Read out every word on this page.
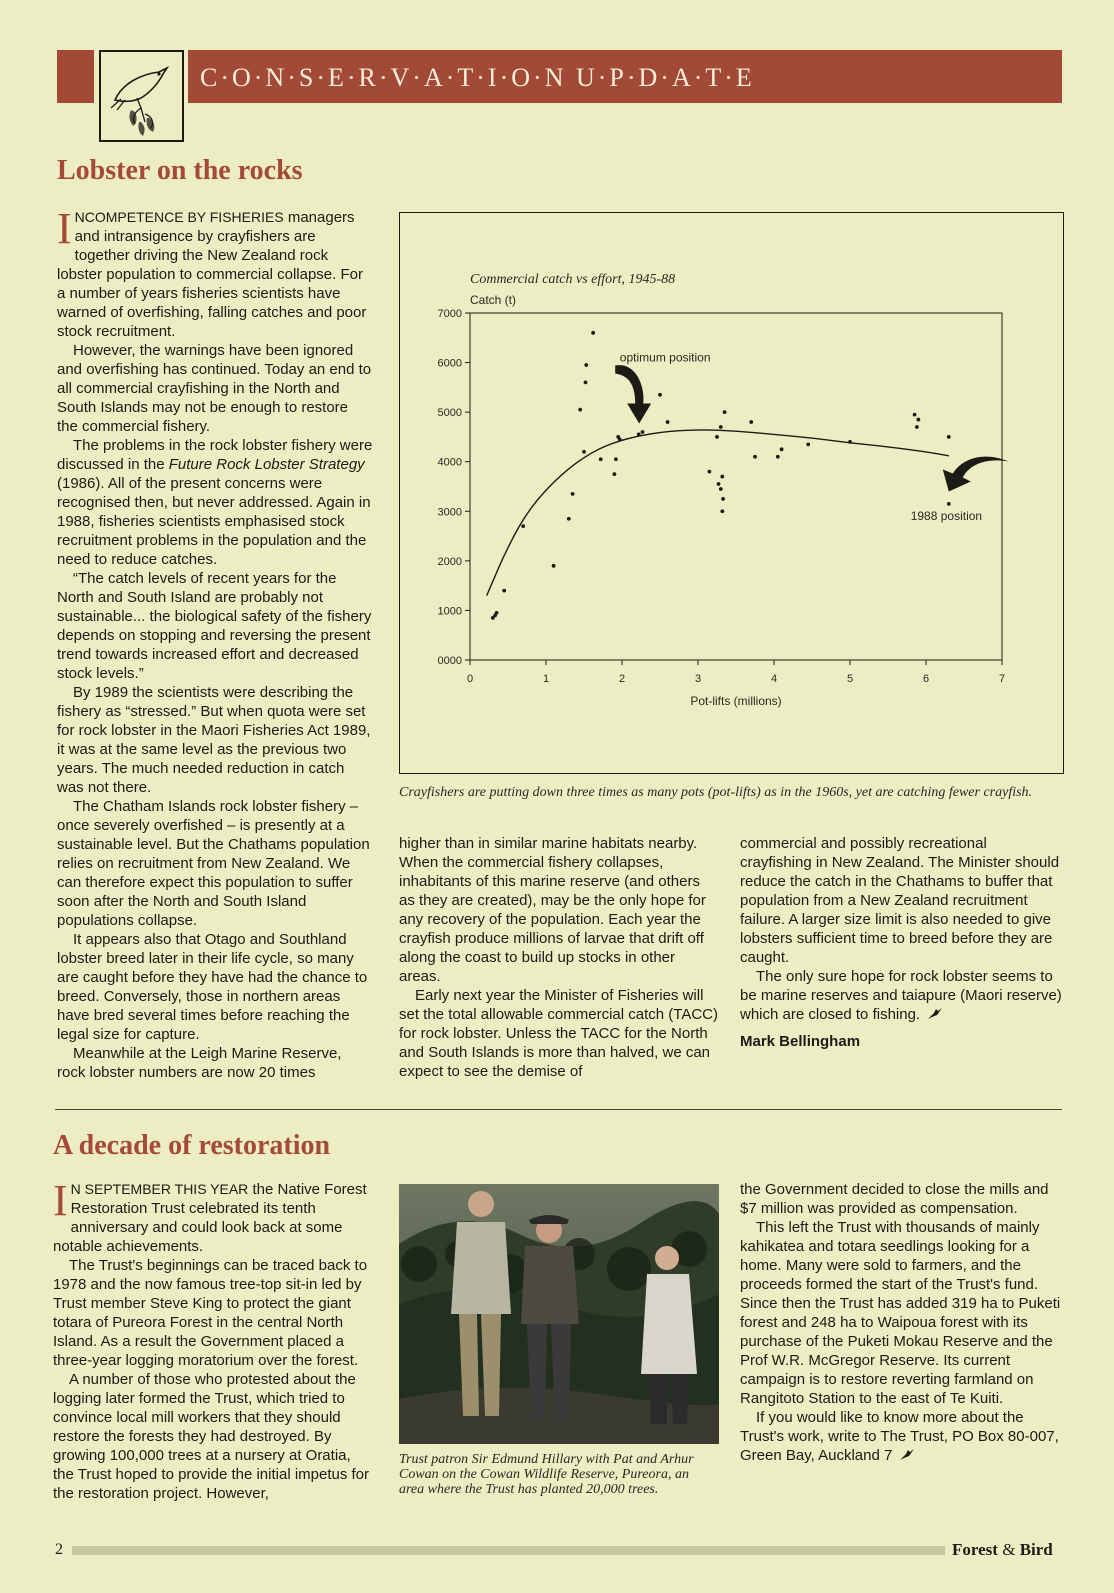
C·O·N·S·E·R·V·A·T·I·O·N U·P·D·A·T·E
Lobster on the rocks

INCOMPETENCE BY FISHERIES managers and intransigence by crayfishers are together driving the New Zealand rock lobster population to commercial collapse. For a number of years fisheries scientists have warned of overfishing, falling catches and poor stock recruitment.

However, the warnings have been ignored and overfishing has continued. Today an end to all commercial crayfishing in the North and South Islands may not be enough to restore the commercial fishery.

The problems in the rock lobster fishery were discussed in the Future Rock Lobster Strategy (1986). All of the present concerns were recognised then, but never addressed. Again in 1988, fisheries scientists emphasised stock recruitment problems in the population and the need to reduce catches.

“The catch levels of recent years for the North and South Island are probably not sustainable... the biological safety of the fishery depends on stopping and reversing the present trend towards increased effort and decreased stock levels.”

By 1989 the scientists were describing the fishery as “stressed.” But when quota were set for rock lobster in the Maori Fisheries Act 1989, it was at the same level as the previous two years. The much needed reduction in catch was not there.

The Chatham Islands rock lobster fishery – once severely overfished – is presently at a sustainable level. But the Chathams population relies on recruitment from New Zealand. We can therefore expect this population to suffer soon after the North and South Island populations collapse.

It appears also that Otago and Southland lobster breed later in their life cycle, so many are caught before they have had the chance to breed. Conversely, those in northern areas have bred several times before reaching the legal size for capture.

Meanwhile at the Leigh Marine Reserve, rock lobster numbers are now 20 times

Commercial catch vs effort, 1945-88
Catch (t)
0000
1000
2000
3000
4000
5000
6000
7000
0	1	2	3	4	5	6	7
Pot-lifts (millions)
optimum position
1988 position
Crayfishers are putting down three times as many pots (pot-lifts) as in the 1960s, yet are catching fewer crayfish.

higher than in similar marine habitats nearby. When the commercial fishery collapses, inhabitants of this marine reserve (and others as they are created), may be the only hope for any recovery of the population. Each year the crayfish produce millions of larvae that drift off along the coast to build up stocks in other areas.

Early next year the Minister of Fisheries will set the total allowable commercial catch (TACC) for rock lobster. Unless the TACC for the North and South Islands is more than halved, we can expect to see the demise of

commercial and possibly recreational crayfishing in New Zealand. The Minister should reduce the catch in the Chathams to buffer that population from a New Zealand recruitment failure. A larger size limit is also needed to give lobsters sufficient time to breed before they are caught.

The only sure hope for rock lobster seems to be marine reserves and taiapure (Maori reserve) which are closed to fishing.

Mark Bellingham
A decade of restoration

I N SEPTEMBER THIS YEAR the Native Forest Restoration Trust celebrated its tenth anniversary and could look back at some notable achievements.

The Trust's beginnings can be traced back to 1978 and the now famous tree-top sit-in led by Trust member Steve King to protect the giant totara of Pureora Forest in the central North Island. As a result the Government placed a three-year logging moratorium over the forest.

A number of those who protested about the logging later formed the Trust, which tried to convince local mill workers that they should restore the forests they had destroyed. By growing 100,000 trees at a nursery at Oratia, the Trust hoped to provide the initial impetus for the restoration project. However,

Trust patron Sir Edmund Hillary with Pat and Arhur Cowan on the Cowan Wildlife Reserve, Pureora, an area where the Trust has planted 20,000 trees.

the Government decided to close the mills and $7 million was provided as compensation.

This left the Trust with thousands of mainly kahikatea and totara seedlings looking for a home. Many were sold to farmers, and the proceeds formed the start of the Trust's fund. Since then the Trust has added 319 ha to Puketi forest and 248 ha to Waipoua forest with its purchase of the Puketi Mokau Reserve and the Prof W.R. McGregor Reserve. Its current campaign is to restore reverting farmland on Rangitoto Station to the east of Te Kuiti.

If you would like to know more about the Trust's work, write to The Trust, PO Box 80-007, Green Bay, Auckland 7

2	Forest & Bird
